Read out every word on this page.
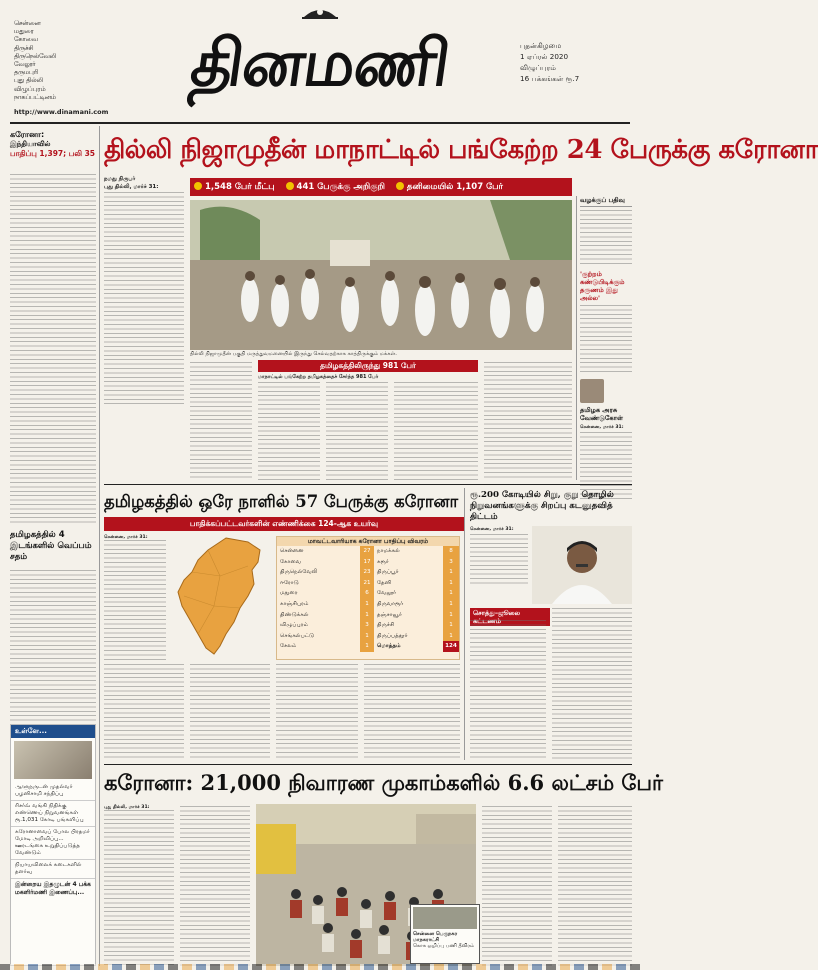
சென்னை
மதுரை
கோவை
திருச்சி
திருநெல்வேலி
வேலூர்
தருமபுரி
புது தில்லி
விழுப்புரம்
நாகப்பட்டினம்
http://www.dinamani.com
தினமணி	புதன்கிழமை
1 ஏப்ரல் 2020
விழுப்புரம்
16 பக்கங்கள் ரூ.7
கரோனா:
இந்தியாவில்
பாதிப்பு 1,397; பலி 35
தமிழகத்தில் 4 இடங்களில் வெப்பம் சதம்
உள்ளே...
ஆளுநருடன் முதல்வர் பழனிசாமி சந்திப்பு
ரிசர்வ் வங்கி நிதிக்கு எண்ணெய் நிறுவனங்கள் ரூ.1,031 கோடி பங்களிப்பு
கரோனாவைப் போல பிரதமர் மோடி அறிவிப்பு... ஊரடங்கை உறுதிப்படுத்த வேண்டும்
நியாயவிலைக் கடைகளில் தளர்வு
இன்றைய இதழுடன் 4 பக்க மகளிர்மணி இணைப்பு...
தில்லி நிஜாமுதீன் மாநாட்டில் பங்கேற்ற 24 பேருக்கு கரோனா
நமது நிருபர்
புது தில்லி, மார்ச் 31:	1,548 பேர் மீட்பு	441 பேருக்கு அறிகுறி	தனிமையில் 1,107 பேர்
தில்லி நிஜாமுதீன் பகுதி மருத்துவமனையில் இருந்து செல்வதற்காக காத்திருக்கும் மக்கள்.
தமிழகத்திலிருந்து 981 பேர்
மாநாட்டில் பங்கேற்ற தமிழகத்தைச் சேர்ந்த 981 பேர்
வழக்குப் பதிவு
'குற்றம் கண்டுபிடிக்கும் தருணம் இது அல்ல'
தமிழக அரசு வேண்டுகோள்
சென்னை, மார்ச் 31:
தமிழகத்தில் ஒரே நாளில் 57 பேருக்கு கரோனா
பாதிக்கப்பட்டவர்களின் எண்ணிக்கை 124-ஆக உயர்வு
சென்னை, மார்ச் 31:
மாவட்டவாரியாக கரோனா பாதிப்பு விவரம்
சென்னை	27	நாமக்கல்	8
கோவை	17	கரூர்	3
திருநெல்வேலி	23	திருப்பூர்	1
ஈரோடு	21	தேனி	1
மதுரை	6	வேலூர்	1
காஞ்சிபுரம்	1	திருவாரூர்	1
திண்டுக்கல்	1	தஞ்சாவூர்	1
விழுப்புரம்	3	திருச்சி	1
செங்கல்பட்டு	1	திருப்பத்தூர்	1
சேலம்	1	மொத்தம்	124
ரூ.200 கோடியில் சிறு, குறு தொழில் நிறுவனங்களுக்கு சிறப்பு கடனுதவித் திட்டம்
சென்னை, மார்ச் 31:
சொத்து–ஜூலை கட்டணம்
கரோனா: 21,000 நிவாரண முகாம்களில் 6.6 லட்சம் பேர்
புது தில்லி, மார்ச் 31:
சென்னை பெருநகர மாநகராட்சி
கொசு ஒழிப்பு பணி தீவிரம்
